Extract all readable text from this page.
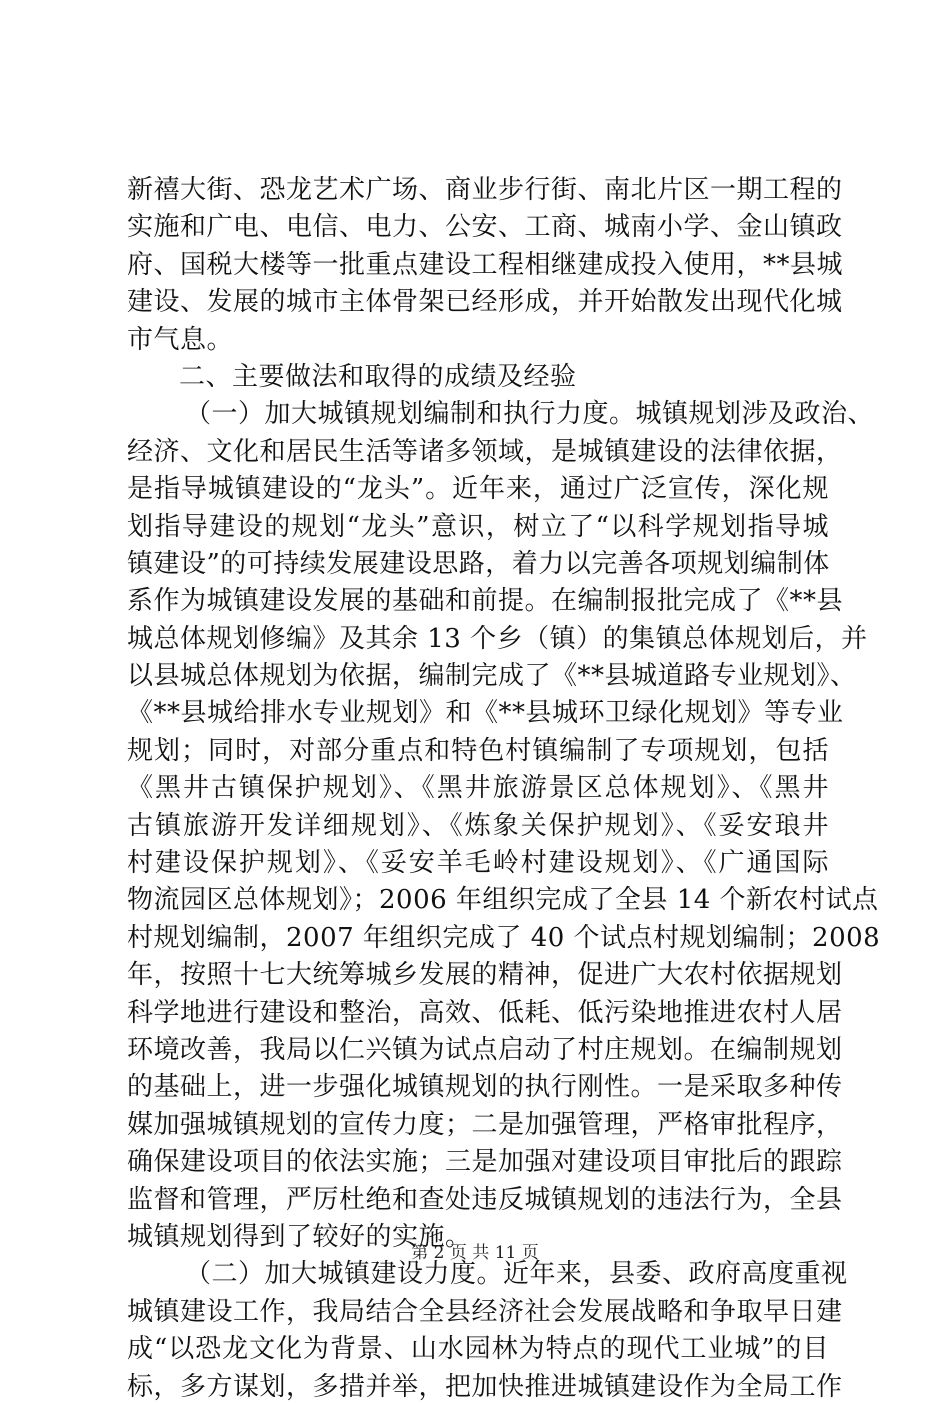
新禧大街、恐龙艺术广场、商业步行街、南北片区一期工程的
实施和广电、电信、电力、公安、工商、城南小学、金山镇政
府、国税大楼等一批重点建设工程相继建成投入使用，**县城
建设、发展的城市主体骨架已经形成，并开始散发出现代化城
市气息。
二、主要做法和取得的成绩及经验
（一）加大城镇规划编制和执行力度。城镇规划涉及政治、
经济、文化和居民生活等诸多领域，是城镇建设的法律依据，
是指导城镇建设的“龙头”。近年来，通过广泛宣传，深化规
划指导建设的规划“龙头”意识，树立了“以科学规划指导城
镇建设”的可持续发展建设思路，着力以完善各项规划编制体
系作为城镇建设发展的基础和前提。在编制报批完成了《**县
城总体规划修编》及其余 13 个乡（镇）的集镇总体规划后，并
以县城总体规划为依据，编制完成了《**县城道路专业规划》、
《**县城给排水专业规划》和《**县城环卫绿化规划》等专业
规划；同时，对部分重点和特色村镇编制了专项规划，包括
《黑井古镇保护规划》、《黑井旅游景区总体规划》、《黑井
古镇旅游开发详细规划》、《炼象关保护规划》、《妥安琅井
村建设保护规划》、《妥安羊毛岭村建设规划》、《广通国际
物流园区总体规划》；2006 年组织完成了全县 14 个新农村试点
村规划编制，2007 年组织完成了 40 个试点村规划编制；2008
年，按照十七大统筹城乡发展的精神，促进广大农村依据规划
科学地进行建设和整治，高效、低耗、低污染地推进农村人居
环境改善，我局以仁兴镇为试点启动了村庄规划。在编制规划
的基础上，进一步强化城镇规划的执行刚性。一是采取多种传
媒加强城镇规划的宣传力度；二是加强管理，严格审批程序，
确保建设项目的依法实施；三是加强对建设项目审批后的跟踪
监督和管理，严厉杜绝和查处违反城镇规划的违法行为，全县
城镇规划得到了较好的实施。
（二）加大城镇建设力度。近年来，县委、政府高度重视
城镇建设工作，我局结合全县经济社会发展战略和争取早日建
成“以恐龙文化为背景、山水园林为特点的现代工业城”的目
标，多方谋划，多措并举，把加快推进城镇建设作为全局工作
第 2 页 共 11 页
